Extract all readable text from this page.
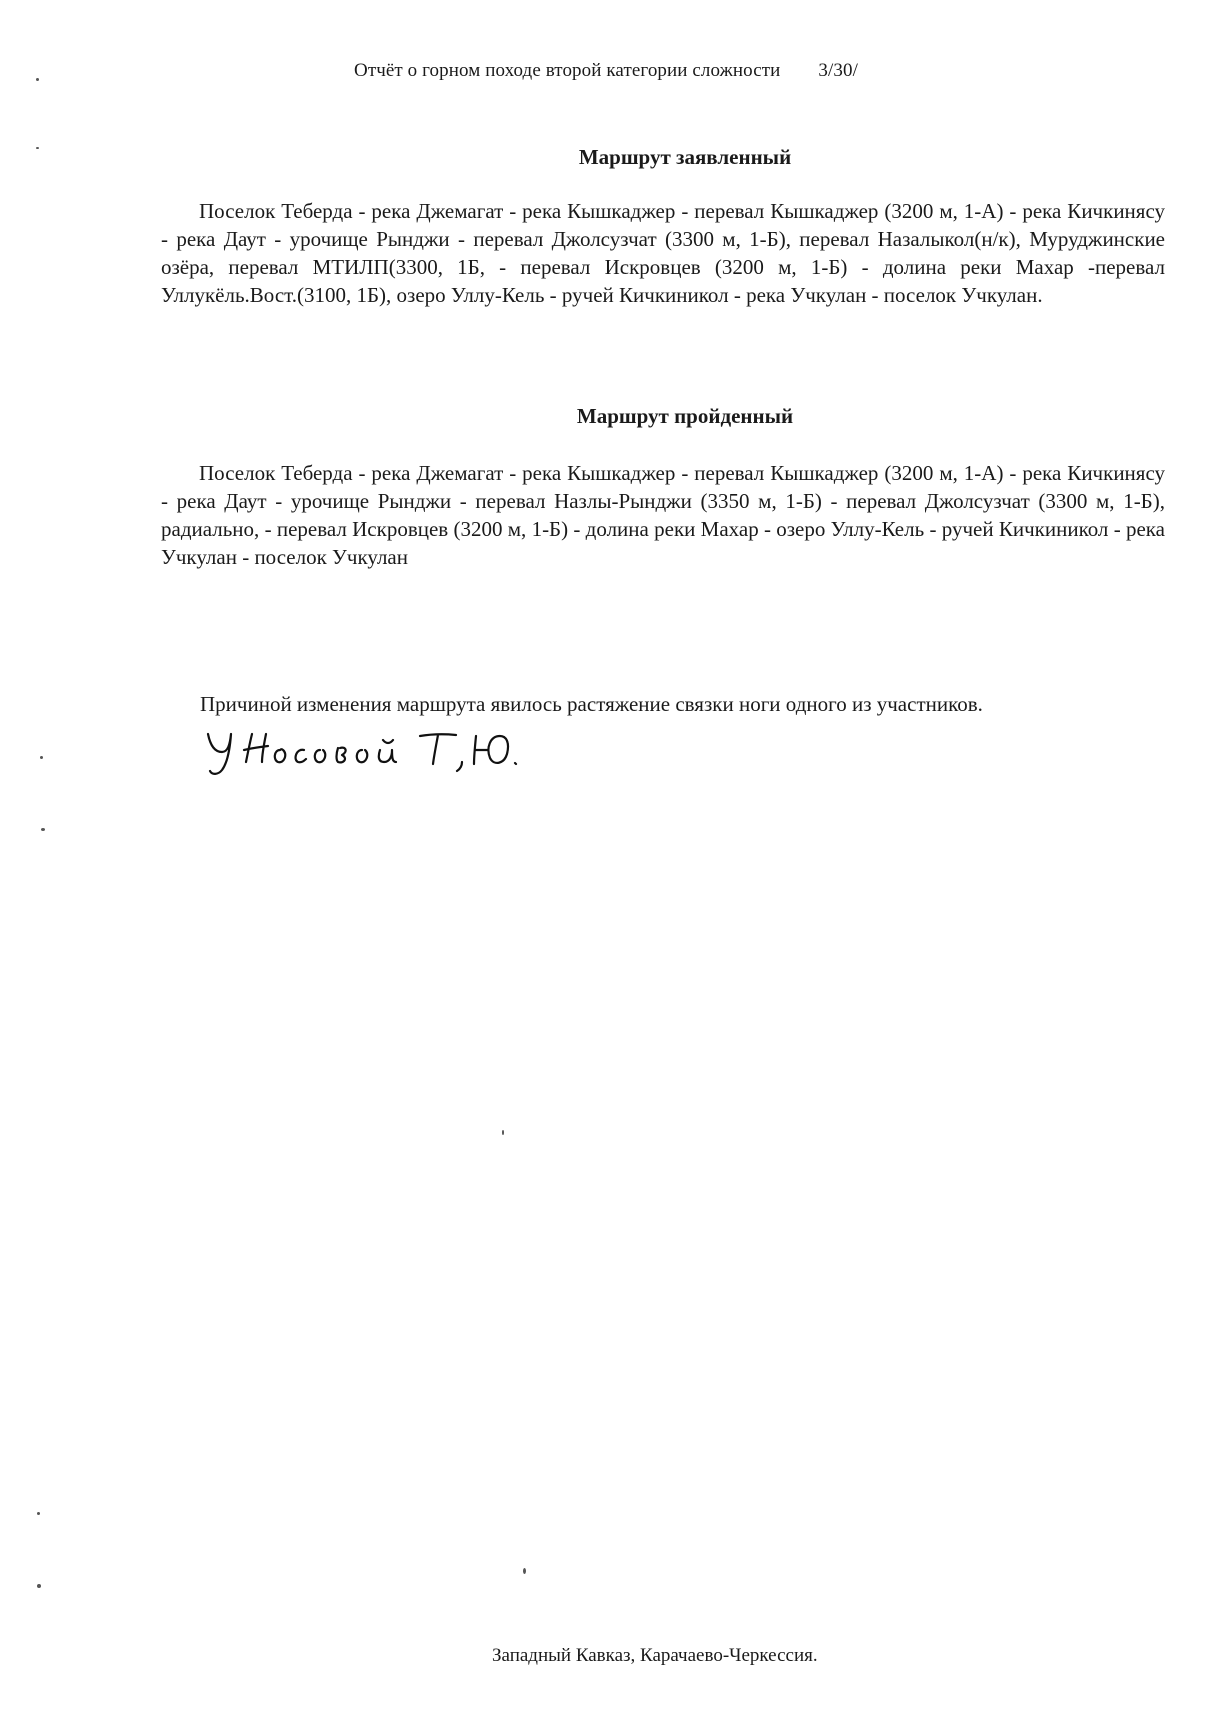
Отчёт о горном походе второй категории сложности 3/30/
Маршрут заявленный
Поселок Теберда - река Джемагат - река Кышкаджер - перевал Кышкаджер (3200 м, 1-А) - река Кичкинясу - река Даут - урочище Рынджи - перевал Джолсузчат (3300 м, 1-Б), перевал Назалыкол(н/к), Муруджинские озёра, перевал МТИЛП(3300, 1Б, - перевал Искровцев (3200 м, 1-Б) - долина реки Махар -перевал Уллукёль.Вост.(3100, 1Б), озеро Уллу-Кель - ручей Кичкиникол - река Учкулан - поселок Учкулан.
Маршрут пройденный
Поселок Теберда - река Джемагат - река Кышкаджер - перевал Кышкаджер (3200 м, 1-А) - река Кичкинясу - река Даут - урочище Рынджи - перевал Назлы-Рынджи (3350 м, 1-Б) - перевал Джолсузчат (3300 м, 1-Б), радиально, - перевал Искровцев (3200 м, 1-Б) - долина реки Махар - озеро Уллу-Кель - ручей Кичкиникол - река Учкулан - поселок Учкулан
Причиной изменения маршрута явилось растяжение связки ноги одного из участников.
Западный Кавказ, Карачаево-Черкессия.
